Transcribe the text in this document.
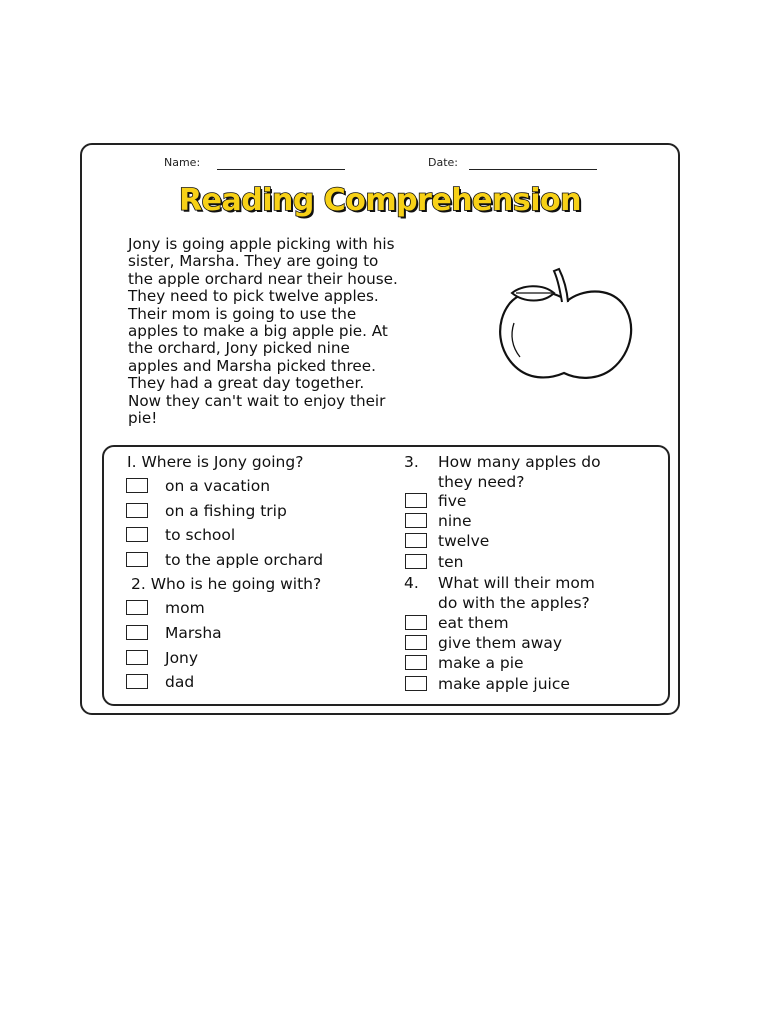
Name:	Date:
Reading Comprehension
Jony is going apple picking with his
sister, Marsha. They are going to
the apple orchard near their house.
They need to pick twelve apples.
Their mom is going to use the
apples to make a big apple pie. At
the orchard, Jony picked nine
apples and Marsha picked three.
They had a great day together.
Now they can't wait to enjoy their
pie!
I. Where is Jony going?
on a vacation
on a fishing trip
to school
to the apple orchard
2. Who is he going with?
mom
Marsha
Jony
dad
3. How many apples do
they need?
five
nine
twelve
ten
4. What will their mom
do with the apples?
eat them
give them away
make a pie
make apple juice
